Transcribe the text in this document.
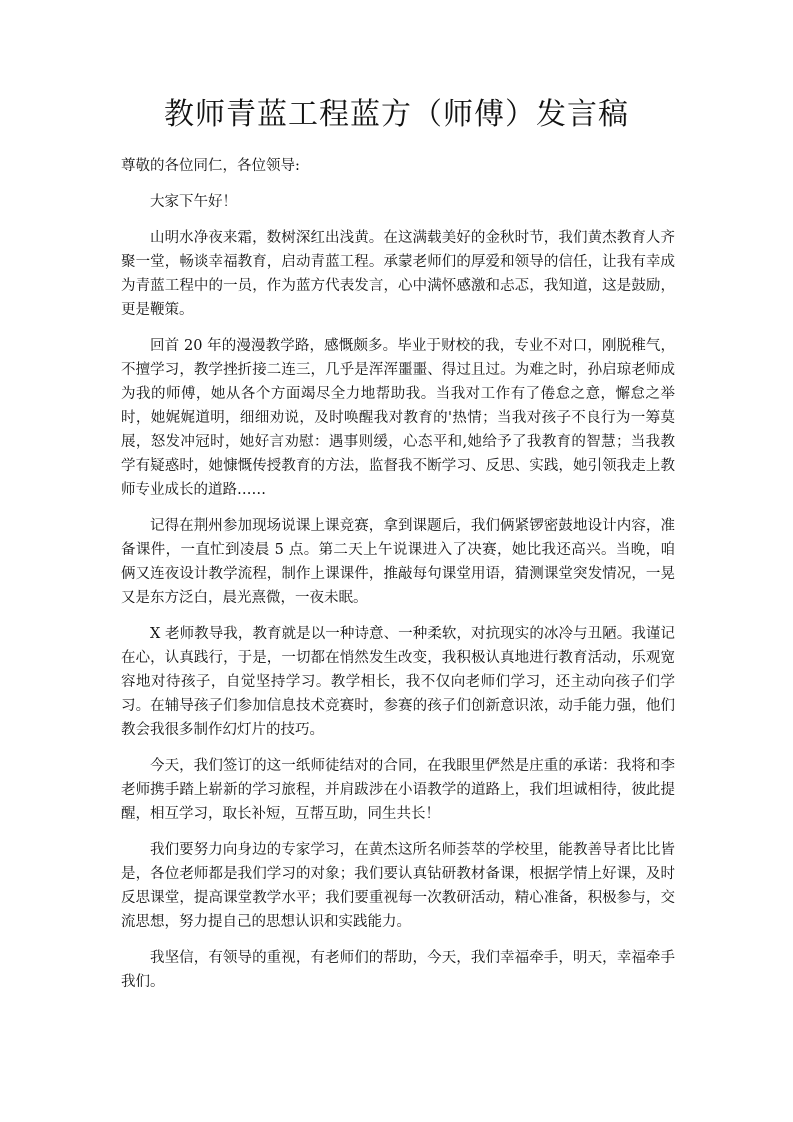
教师青蓝工程蓝方（师傅）发言稿

尊敬的各位同仁，各位领导:

大家下午好！

山明水净夜来霜，数树深红出浅黄。在这满载美好的金秋时节，我们黄杰教育人齐聚一堂，畅谈幸福教育，启动青蓝工程。承蒙老师们的厚爱和领导的信任，让我有幸成为青蓝工程中的一员，作为蓝方代表发言，心中满怀感激和忐忑，我知道，这是鼓励，更是鞭策。

回首 20 年的漫漫教学路，感慨颇多。毕业于财校的我，专业不对口，刚脱稚气，不擅学习，教学挫折接二连三，几乎是浑浑噩噩、得过且过。为难之时，孙启琼老师成为我的师傅，她从各个方面竭尽全力地帮助我。当我对工作有了倦怠之意，懈怠之举时，她娓娓道明，细细劝说，及时唤醒我对教育的'热情；当我对孩子不良行为一筹莫展，怒发冲冠时，她好言劝慰：遇事则缓，心态平和,她给予了我教育的智慧；当我教学有疑惑时，她慷慨传授教育的方法，监督我不断学习、反思、实践，她引领我走上教师专业成长的道路……

记得在荆州参加现场说课上课竞赛，拿到课题后，我们俩紧锣密鼓地设计内容，准备课件，一直忙到凌晨 5 点。第二天上午说课进入了决赛，她比我还高兴。当晚，咱俩又连夜设计教学流程，制作上课课件，推敲每句课堂用语，猜测课堂突发情况，一晃又是东方泛白，晨光熹微，一夜未眠。

X 老师教导我，教育就是以一种诗意、一种柔软，对抗现实的冰冷与丑陋。我谨记在心，认真践行，于是，一切都在悄然发生改变，我积极认真地进行教育活动，乐观宽容地对待孩子，自觉坚持学习。教学相长，我不仅向老师们学习，还主动向孩子们学习。在辅导孩子们参加信息技术竞赛时，参赛的孩子们创新意识浓，动手能力强，他们教会我很多制作幻灯片的技巧。

今天，我们签订的这一纸师徒结对的合同，在我眼里俨然是庄重的承诺：我将和李老师携手踏上崭新的学习旅程，并肩跋涉在小语教学的道路上，我们坦诚相待，彼此提醒，相互学习，取长补短，互帮互助，同生共长！

我们要努力向身边的专家学习，在黄杰这所名师荟萃的学校里，能教善导者比比皆是，各位老师都是我们学习的对象；我们要认真钻研教材备课，根据学情上好课，及时反思课堂，提高课堂教学水平；我们要重视每一次教研活动，精心准备，积极参与，交流思想，努力提自己的思想认识和实践能力。

我坚信，有领导的重视，有老师们的帮助，今天，我们幸福牵手，明天，幸福牵手我们。
